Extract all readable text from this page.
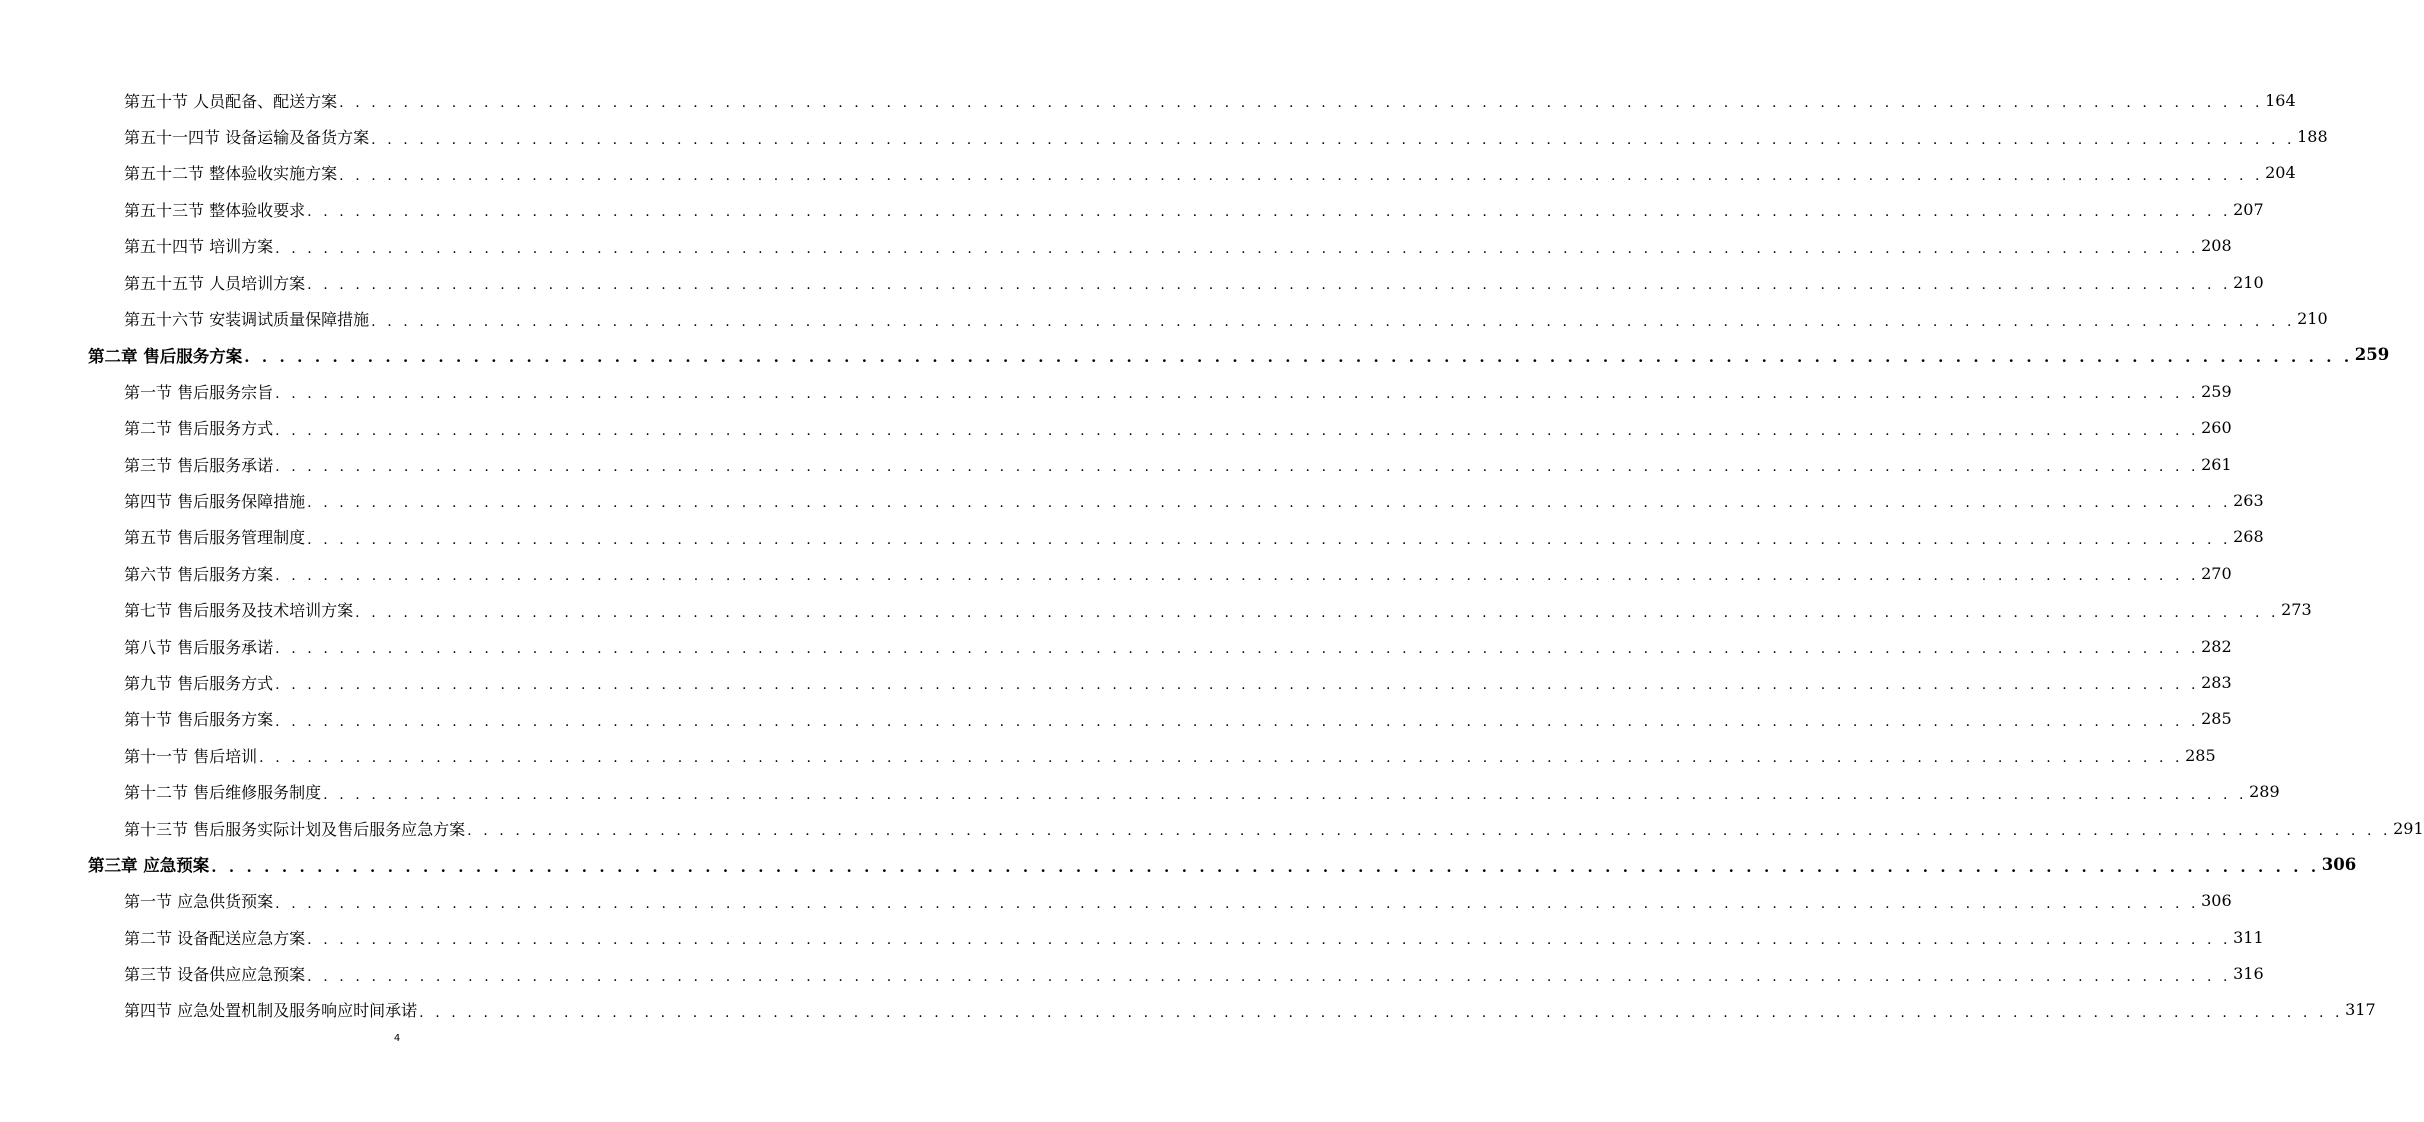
第五十节 人员配备、配送方案 . . . . . . . . . . . . . . . . . . . . . . . . . . . . . . . . . . . . . . . . . . . . . . . . . . . . . . . . . . . . . . . . . . . . . . . . . . . . . . . . . . . . . . . . . . . . . . . . . . . . . . . . . . . . . . . . . . . . . . . . 164
第五十一四节 设备运输及备货方案 . . . . . . . . . . . . . . . . . . . . . . . . . . . . . . . . . . . . . . . . . . . . . . . . . . . . . . . . . . . . . . . . . . . . . . . . . . . . . . . . . . . . . . . . . . . . . . . . . . . . . . . . . . . . . . . . . . . . . . . . 188
第五十二节 整体验收实施方案 . . . . . . . . . . . . . . . . . . . . . . . . . . . . . . . . . . . . . . . . . . . . . . . . . . . . . . . . . . . . . . . . . . . . . . . . . . . . . . . . . . . . . . . . . . . . . . . . . . . . . . . . . . . . . . . . . . . . . . . . 204
第五十三节 整体验收要求 . . . . . . . . . . . . . . . . . . . . . . . . . . . . . . . . . . . . . . . . . . . . . . . . . . . . . . . . . . . . . . . . . . . . . . . . . . . . . . . . . . . . . . . . . . . . . . . . . . . . . . . . . . . . . . . . . . . . . . . . 207
第五十四节 培训方案 . . . . . . . . . . . . . . . . . . . . . . . . . . . . . . . . . . . . . . . . . . . . . . . . . . . . . . . . . . . . . . . . . . . . . . . . . . . . . . . . . . . . . . . . . . . . . . . . . . . . . . . . . . . . . . . . . . . . . . . . 208
第五十五节 人员培训方案 . . . . . . . . . . . . . . . . . . . . . . . . . . . . . . . . . . . . . . . . . . . . . . . . . . . . . . . . . . . . . . . . . . . . . . . . . . . . . . . . . . . . . . . . . . . . . . . . . . . . . . . . . . . . . . . . . . . . . . . . 210
第五十六节 安装调试质量保障措施 . . . . . . . . . . . . . . . . . . . . . . . . . . . . . . . . . . . . . . . . . . . . . . . . . . . . . . . . . . . . . . . . . . . . . . . . . . . . . . . . . . . . . . . . . . . . . . . . . . . . . . . . . . . . . . . . . . . . . . . . 210
第二章 售后服务方案 . . . . . . . . . . . . . . . . . . . . . . . . . . . . . . . . . . . . . . . . . . . . . . . . . . . . . . . . . . . . . . . . . . . . . . . . . . . . . . . . . . . . . . . . . . . . . . . . . . . . . . . . . . . . . . . . . . . . . . . . 259
第一节 售后服务宗旨 . . . . . . . . . . . . . . . . . . . . . . . . . . . . . . . . . . . . . . . . . . . . . . . . . . . . . . . . . . . . . . . . . . . . . . . . . . . . . . . . . . . . . . . . . . . . . . . . . . . . . . . . . . . . . . . . . . . . . . . . 259
第二节 售后服务方式 . . . . . . . . . . . . . . . . . . . . . . . . . . . . . . . . . . . . . . . . . . . . . . . . . . . . . . . . . . . . . . . . . . . . . . . . . . . . . . . . . . . . . . . . . . . . . . . . . . . . . . . . . . . . . . . . . . . . . . . . 260
第三节 售后服务承诺 . . . . . . . . . . . . . . . . . . . . . . . . . . . . . . . . . . . . . . . . . . . . . . . . . . . . . . . . . . . . . . . . . . . . . . . . . . . . . . . . . . . . . . . . . . . . . . . . . . . . . . . . . . . . . . . . . . . . . . . . 261
第四节 售后服务保障措施 . . . . . . . . . . . . . . . . . . . . . . . . . . . . . . . . . . . . . . . . . . . . . . . . . . . . . . . . . . . . . . . . . . . . . . . . . . . . . . . . . . . . . . . . . . . . . . . . . . . . . . . . . . . . . . . . . . . . . . . . 263
第五节 售后服务管理制度 . . . . . . . . . . . . . . . . . . . . . . . . . . . . . . . . . . . . . . . . . . . . . . . . . . . . . . . . . . . . . . . . . . . . . . . . . . . . . . . . . . . . . . . . . . . . . . . . . . . . . . . . . . . . . . . . . . . . . . . . 268
第六节 售后服务方案 . . . . . . . . . . . . . . . . . . . . . . . . . . . . . . . . . . . . . . . . . . . . . . . . . . . . . . . . . . . . . . . . . . . . . . . . . . . . . . . . . . . . . . . . . . . . . . . . . . . . . . . . . . . . . . . . . . . . . . . . 270
第七节 售后服务及技术培训方案 . . . . . . . . . . . . . . . . . . . . . . . . . . . . . . . . . . . . . . . . . . . . . . . . . . . . . . . . . . . . . . . . . . . . . . . . . . . . . . . . . . . . . . . . . . . . . . . . . . . . . . . . . . . . . . . . . . . . . . . . 273
第八节 售后服务承诺 . . . . . . . . . . . . . . . . . . . . . . . . . . . . . . . . . . . . . . . . . . . . . . . . . . . . . . . . . . . . . . . . . . . . . . . . . . . . . . . . . . . . . . . . . . . . . . . . . . . . . . . . . . . . . . . . . . . . . . . . 282
第九节 售后服务方式 . . . . . . . . . . . . . . . . . . . . . . . . . . . . . . . . . . . . . . . . . . . . . . . . . . . . . . . . . . . . . . . . . . . . . . . . . . . . . . . . . . . . . . . . . . . . . . . . . . . . . . . . . . . . . . . . . . . . . . . . 283
第十节 售后服务方案 . . . . . . . . . . . . . . . . . . . . . . . . . . . . . . . . . . . . . . . . . . . . . . . . . . . . . . . . . . . . . . . . . . . . . . . . . . . . . . . . . . . . . . . . . . . . . . . . . . . . . . . . . . . . . . . . . . . . . . . . 285
第十一节 售后培训 . . . . . . . . . . . . . . . . . . . . . . . . . . . . . . . . . . . . . . . . . . . . . . . . . . . . . . . . . . . . . . . . . . . . . . . . . . . . . . . . . . . . . . . . . . . . . . . . . . . . . . . . . . . . . . . . . . . . . . . . 285
第十二节 售后维修服务制度 . . . . . . . . . . . . . . . . . . . . . . . . . . . . . . . . . . . . . . . . . . . . . . . . . . . . . . . . . . . . . . . . . . . . . . . . . . . . . . . . . . . . . . . . . . . . . . . . . . . . . . . . . . . . . . . . . . . . . . . . 289
第十三节 售后服务实际计划及售后服务应急方案 . . . . . . . . . . . . . . . . . . . . . . . . . . . . . . . . . . . . . . . . . . . . . . . . . . . . . . . . . . . . . . . . . . . . . . . . . . . . . . . . . . . . . . . . . . . . . . . . . . . . . . . . . . . . . . . . . . . . . . . . 291
第三章 应急预案 . . . . . . . . . . . . . . . . . . . . . . . . . . . . . . . . . . . . . . . . . . . . . . . . . . . . . . . . . . . . . . . . . . . . . . . . . . . . . . . . . . . . . . . . . . . . . . . . . . . . . . . . . . . . . . . . . . . . . . . . 306
第一节 应急供货预案 . . . . . . . . . . . . . . . . . . . . . . . . . . . . . . . . . . . . . . . . . . . . . . . . . . . . . . . . . . . . . . . . . . . . . . . . . . . . . . . . . . . . . . . . . . . . . . . . . . . . . . . . . . . . . . . . . . . . . . . . 306
第二节 设备配送应急方案 . . . . . . . . . . . . . . . . . . . . . . . . . . . . . . . . . . . . . . . . . . . . . . . . . . . . . . . . . . . . . . . . . . . . . . . . . . . . . . . . . . . . . . . . . . . . . . . . . . . . . . . . . . . . . . . . . . . . . . . . 311
第三节 设备供应应急预案 . . . . . . . . . . . . . . . . . . . . . . . . . . . . . . . . . . . . . . . . . . . . . . . . . . . . . . . . . . . . . . . . . . . . . . . . . . . . . . . . . . . . . . . . . . . . . . . . . . . . . . . . . . . . . . . . . . . . . . . . 316
第四节 应急处置机制及服务响应时间承诺 . . . . . . . . . . . . . . . . . . . . . . . . . . . . . . . . . . . . . . . . . . . . . . . . . . . . . . . . . . . . . . . . . . . . . . . . . . . . . . . . . . . . . . . . . . . . . . . . . . . . . . . . . . . . . . . . . . . . . . . . 317
4
